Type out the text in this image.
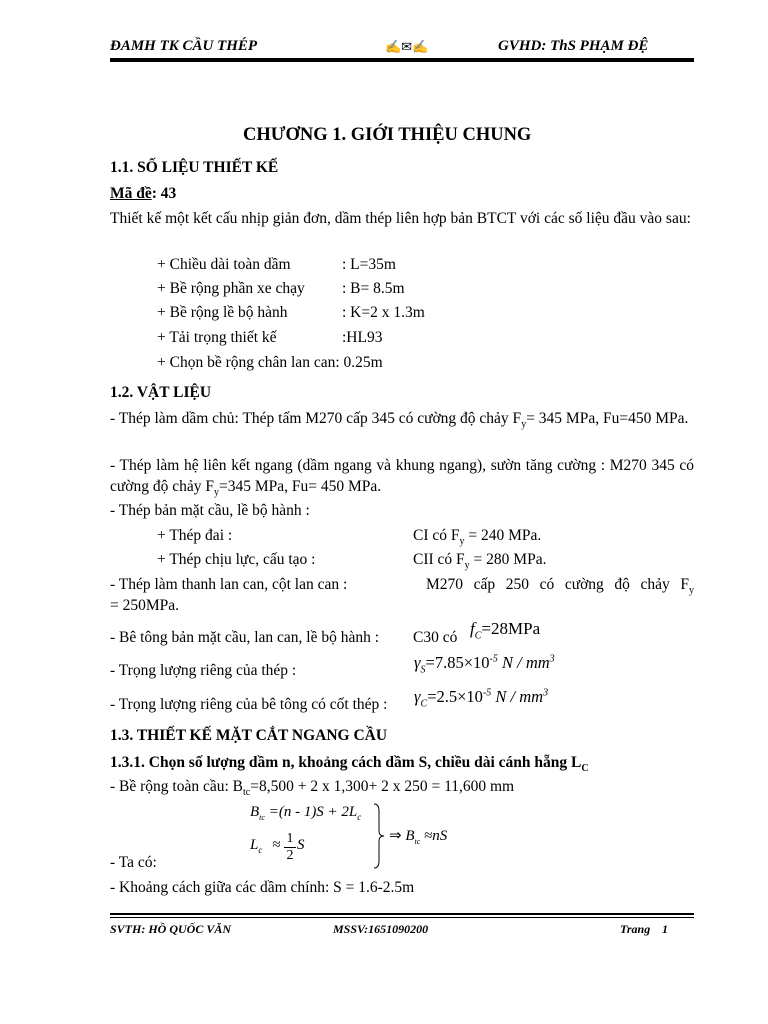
ĐAMH TK CẦU THÉP	✍✉✍	GVHD: ThS PHẠM ĐỆ
CHƯƠNG 1. GIỚI THIỆU CHUNG
1.1. SỐ LIỆU THIẾT KẾ
Mã đề: 43
Thiết kế một kết cấu nhịp giản đơn, dầm thép liên hợp bản BTCT với các số liệu đầu vào sau:
+ Chiều dài toàn dầm	: L=35m
+ Bề rộng phần xe chạy : B= 8.5m
+ Bề rộng lề bộ hành	: K=2 x 1.3m
+ Tải trọng thiết kế	:HL93
+ Chọn bề rộng chân lan can: 0.25m
1.2. VẬT LIỆU
- Thép làm dầm chủ: Thép tấm M270 cấp 345 có cường độ chảy $F_y= 345$ MPa, Fu=450 MPa.
- Thép làm hệ liên kết ngang (dầm ngang và khung ngang), sườn tăng cường : M270 345 có cường độ chảy $F_y=345$ MPa, Fu= 450 MPa.
- Thép bản mặt cầu, lề bộ hành :
+ Thép đai :	CI có $F_y = 240$ MPa.
+ Thép chịu lực, cấu tạo :	CII có $F_y = 280$ MPa.
- Thép làm thanh lan can, cột lan can :	M270 cấp 250 có cường độ chảy $F_y$
= 250MPa.
- Bê tông bản mặt cầu, lan can, lề bộ hành : C30 có $f_C=28MPa$
- Trọng lượng riêng của thép :	$\gamma_S=7.85\times 10^{-5}$ N / $mm^3$
- Trọng lượng riêng của bê tông có cốt thép : $\gamma_C=2.5\times 10^{-5}$ N / $mm^3$
1.3. THIẾT KẾ MẶT CẮT NGANG CẦU
1.3.1. Chọn số lượng dầm n, khoảng cách dầm S, chiều dài cánh hẵng $L_C$
- Bề rộng toàn cầu: $B_{tc}=8,500 + 2$ x 1,300+ 2 x 250 = 11,600 mm
$B_{tc} =(n - 1)S + 2L_c$
$L_c \approx \frac{1}{2}$ S
⇒ $B_{tc} \approx nS$
- Ta có:
- Khoảng cách giữa các dầm chính: S = 1.6-2.5m
SVTH: HỒ QUỐC VĂN	MSSV:1651090200	Trang 1
